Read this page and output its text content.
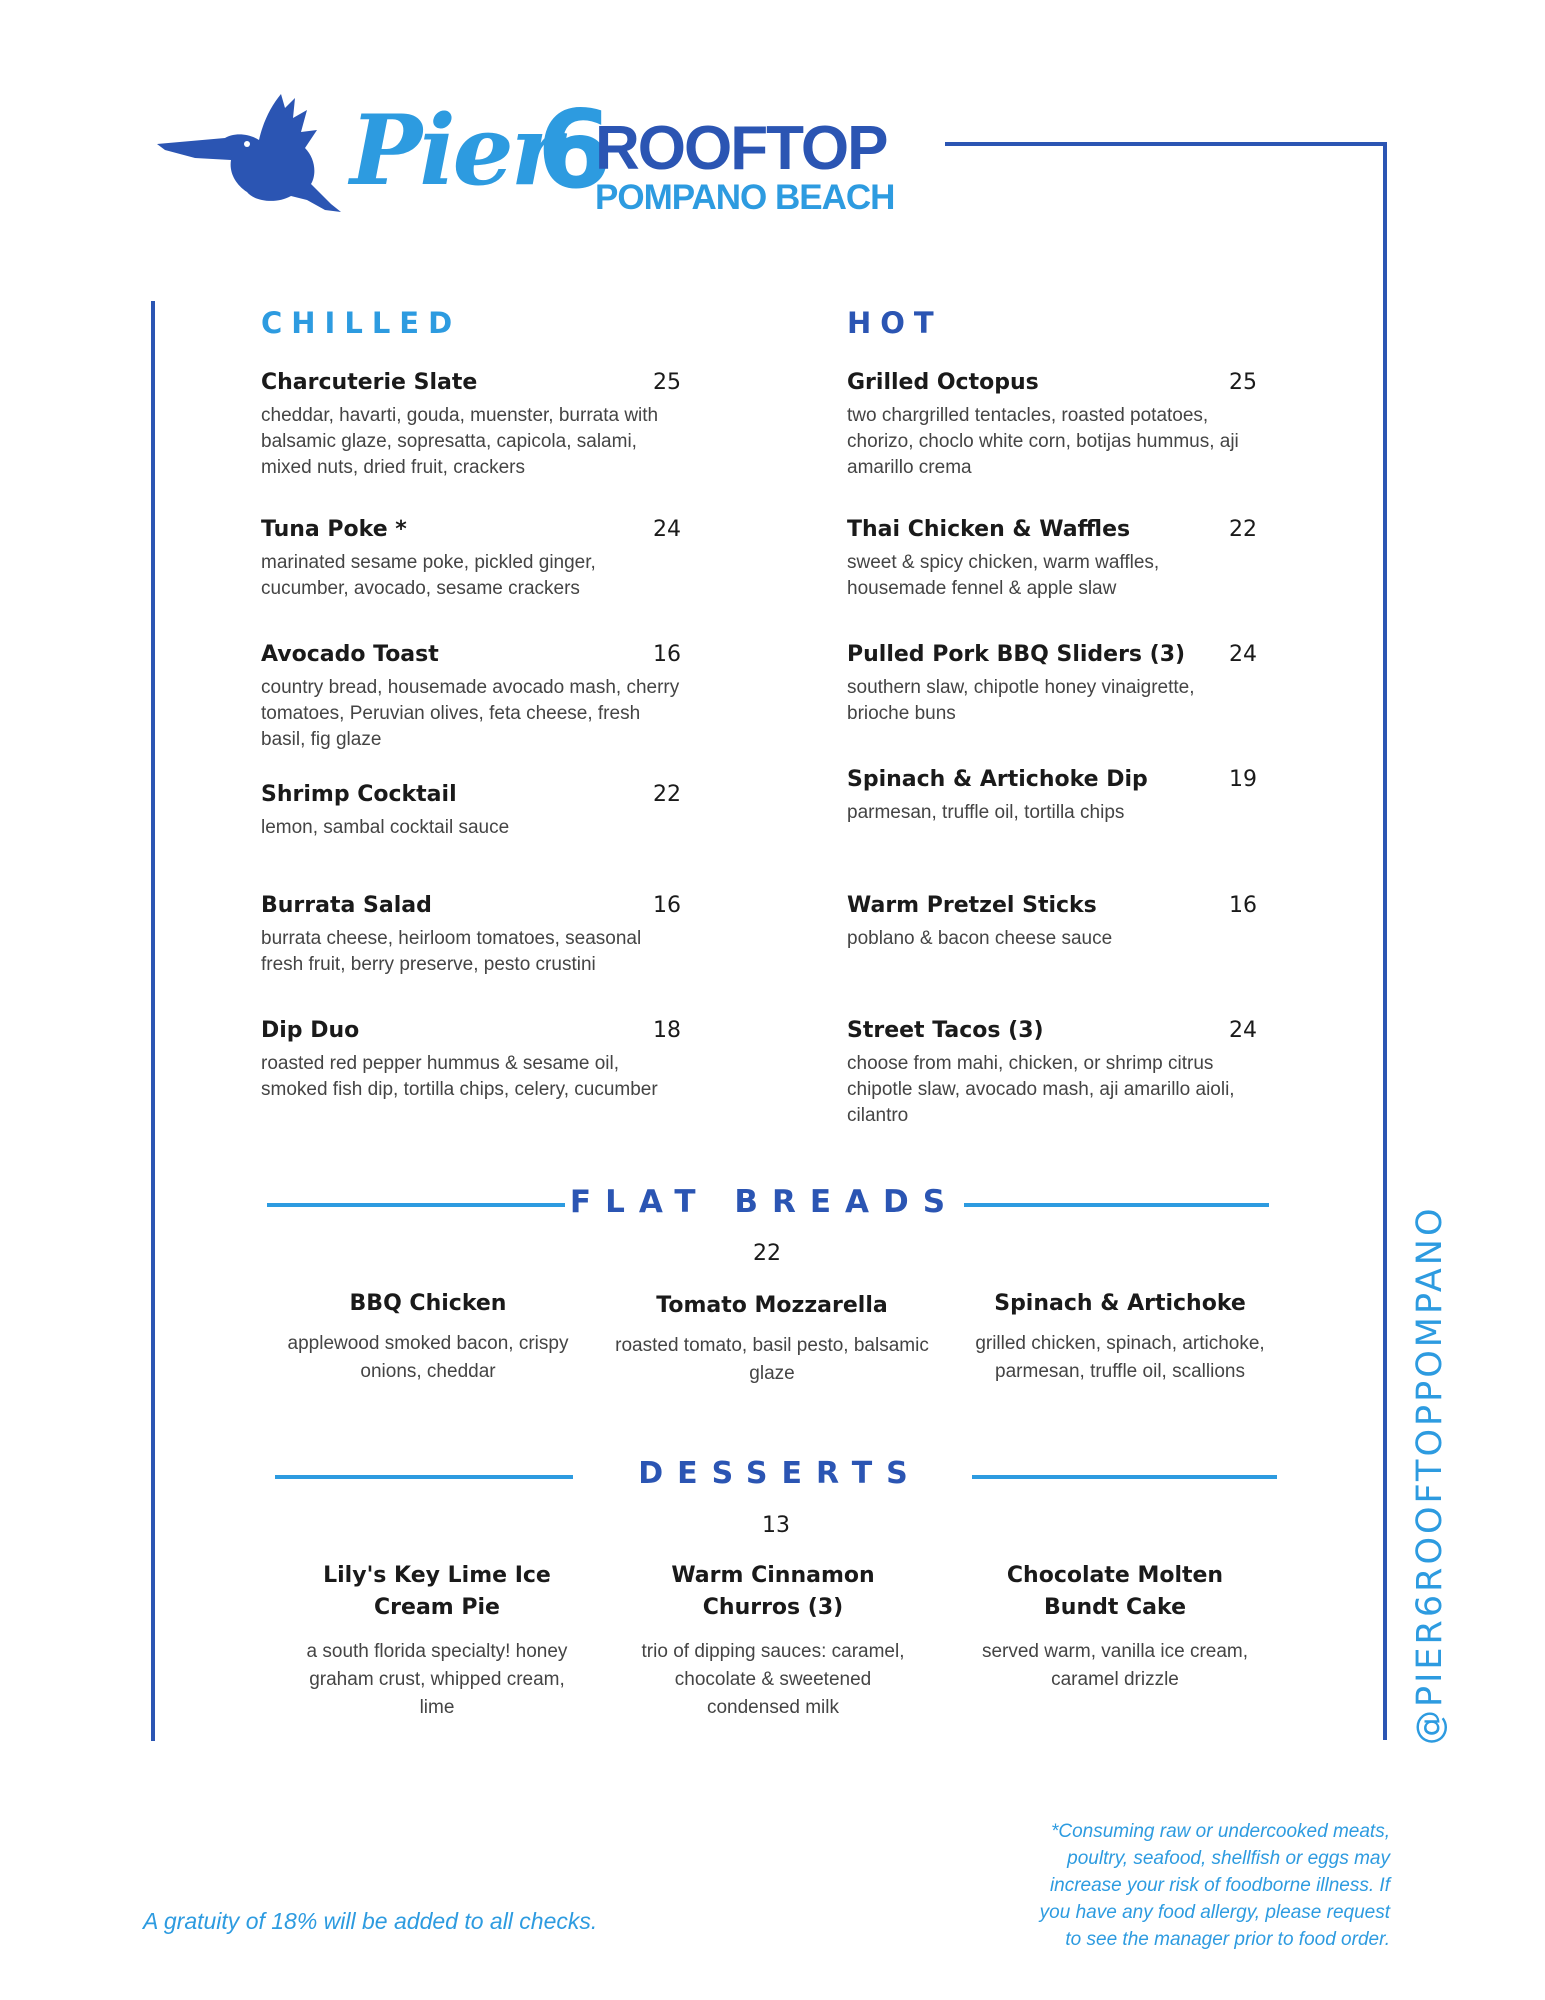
Pier
6
ROOFTOP
POMPANO BEACH
CHILLED
Charcuterie Slate	25
cheddar, havarti, gouda, muenster, burrata with balsamic glaze, sopresatta, capicola, salami, mixed nuts, dried fruit, crackers
Tuna Poke *	24
marinated sesame poke, pickled ginger, cucumber, avocado, sesame crackers
Avocado Toast	16
country bread, housemade avocado mash, cherry tomatoes, Peruvian olives, feta cheese, fresh basil, fig glaze
Shrimp Cocktail	22
lemon, sambal cocktail sauce
Burrata Salad	16
burrata cheese, heirloom tomatoes, seasonal fresh fruit, berry preserve, pesto crustini
Dip Duo	18
roasted red pepper hummus & sesame oil, smoked fish dip, tortilla chips, celery, cucumber
HOT
Grilled Octopus	25
two chargrilled tentacles, roasted potatoes, chorizo, choclo white corn, botijas hummus, aji amarillo crema
Thai Chicken & Waffles	22
sweet & spicy chicken, warm waffles, housemade fennel & apple slaw
Pulled Pork BBQ Sliders (3)	24
southern slaw, chipotle honey vinaigrette, brioche buns
Spinach & Artichoke Dip	19
parmesan, truffle oil, tortilla chips
Warm Pretzel Sticks	16
poblano & bacon cheese sauce
Street Tacos (3)	24
choose from mahi, chicken, or shrimp citrus chipotle slaw, avocado mash, aji amarillo aioli, cilantro
FLAT BREADS
22
BBQ Chicken
applewood smoked bacon, crispy onions, cheddar
Tomato Mozzarella
roasted tomato, basil pesto, balsamic glaze
Spinach & Artichoke
grilled chicken, spinach, artichoke, parmesan, truffle oil, scallions
DESSERTS
13
Lily's Key Lime Ice Cream Pie
a south florida specialty! honey graham crust, whipped cream, lime
Warm Cinnamon Churros (3)
trio of dipping sauces: caramel, chocolate & sweetened condensed milk
Chocolate Molten Bundt Cake
served warm, vanilla ice cream, caramel drizzle	@PIER6ROOFTOPPOMPANO
A gratuity of 18% will be added to all checks.
*Consuming raw or undercooked meats, poultry, seafood, shellfish or eggs may increase your risk of foodborne illness. If you have any food allergy, please request to see the manager prior to food order.
